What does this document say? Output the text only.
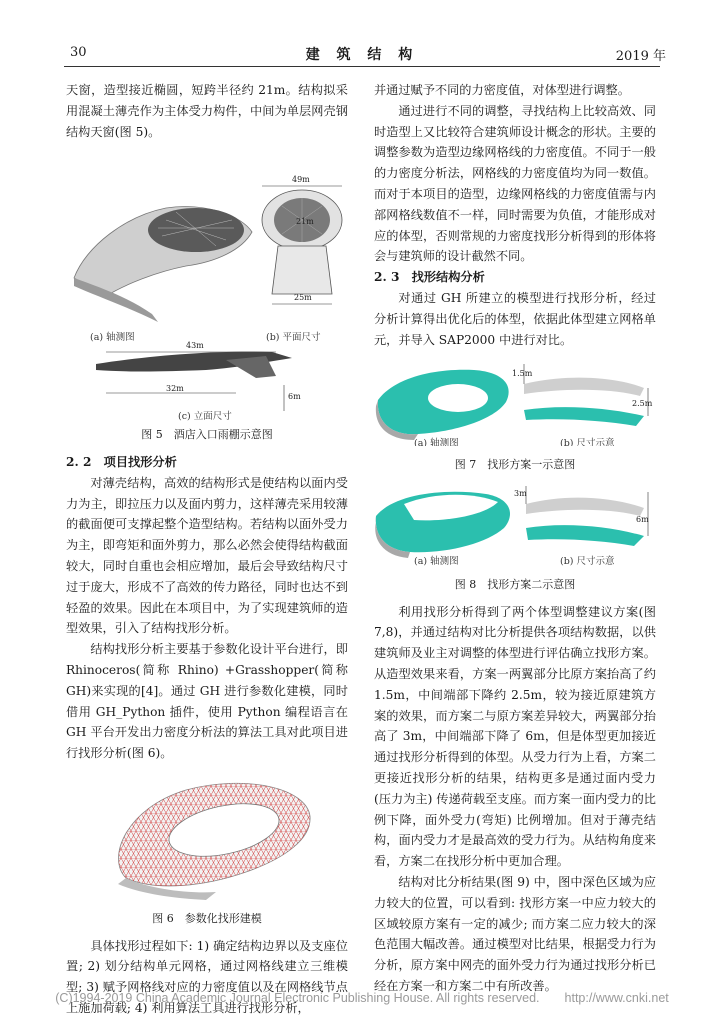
30	建 筑 结 构	2019 年

天窗，造型接近椭圆，短跨半径约 21m。结构拟采用混凝土薄壳作为主体受力构件，中间为单层网壳钢结构天窗(图 5)。

(a) 轴测图
49m
21m
25m
(b) 平面尺寸
43m
32m
6m
(c) 立面尺寸

图 5　酒店入口雨棚示意图

2. 2　项目找形分析

对薄壳结构，高效的结构形式是使结构以面内受力为主，即拉压力以及面内剪力，这样薄壳采用较薄的截面便可支撑起整个造型结构。若结构以面外受力为主，即弯矩和面外剪力，那么必然会使得结构截面较大，同时自重也会相应增加，最后会导致结构尺寸过于庞大，形成不了高效的传力路径，同时也达不到轻盈的效果。因此在本项目中，为了实现建筑师的造型效果，引入了结构找形分析。

结构找形分析主要基于参数化设计平台进行，即 Rhinoceros(简称 Rhino) +Grasshopper(简称 GH)来实现的[4]。通过 GH 进行参数化建模，同时借用 GH_Python 插件，使用 Python 编程语言在 GH 平台开发出力密度分析法的算法工具对此项目进行找形分析(图 6)。

图 6　参数化找形建模

具体找形过程如下: 1) 确定结构边界以及支座位置; 2) 划分结构单元网格，通过网格线建立三维模型; 3) 赋予网格线对应的力密度值以及在网格线节点上施加荷载; 4) 利用算法工具进行找形分析，

并通过赋予不同的力密度值，对体型进行调整。

通过进行不同的调整，寻找结构上比较高效、同时造型上又比较符合建筑师设计概念的形状。主要的调整参数为造型边缘网格线的力密度值。不同于一般的力密度分析法，网格线的力密度值均为同一数值。而对于本项目的造型，边缘网格线的力密度值需与内部网格线数值不一样，同时需要为负值，才能形成对应的体型，否则常规的力密度找形分析得到的形体将会与建筑师的设计截然不同。

2. 3　找形结构分析

对通过 GH 所建立的模型进行找形分析，经过分析计算得出优化后的体型，依据此体型建立网格单元，并导入 SAP2000 中进行对比。

1.5m
2.5m
(a) 轴测图	(b) 尺寸示意

图 7　找形方案一示意图

3m
6m
(a) 轴测图	(b) 尺寸示意

图 8　找形方案二示意图

利用找形分析得到了两个体型调整建议方案(图 7,8)，并通过结构对比分析提供各项结构数据，以供建筑师及业主对调整的体型进行评估确立找形方案。从造型效果来看，方案一两翼部分比原方案抬高了约 1.5m，中间端部下降约 2.5m，较为接近原建筑方案的效果，而方案二与原方案差异较大，两翼部分抬高了 3m，中间端部下降了 6m，但是体型更加接近通过找形分析得到的体型。从受力行为上看，方案二更接近找形分析的结果，结构更多是通过面内受力(压力为主) 传递荷载至支座。而方案一面内受力的比例下降，面外受力(弯矩) 比例增加。但对于薄壳结构，面内受力才是最高效的受力行为。从结构角度来看，方案二在找形分析中更加合理。

结构对比分析结果(图 9) 中，图中深色区域为应力较大的位置，可以看到: 找形方案一中应力较大的区域较原方案有一定的减少; 而方案二应力较大的深色范围大幅改善。通过模型对比结果，根据受力行为分析，原方案中网壳的面外受力行为通过找形分析已经在方案一和方案二中有所改善。

(C)1994-2019 China Academic Journal Electronic Publishing House. All rights reserved.　　http://www.cnki.net
